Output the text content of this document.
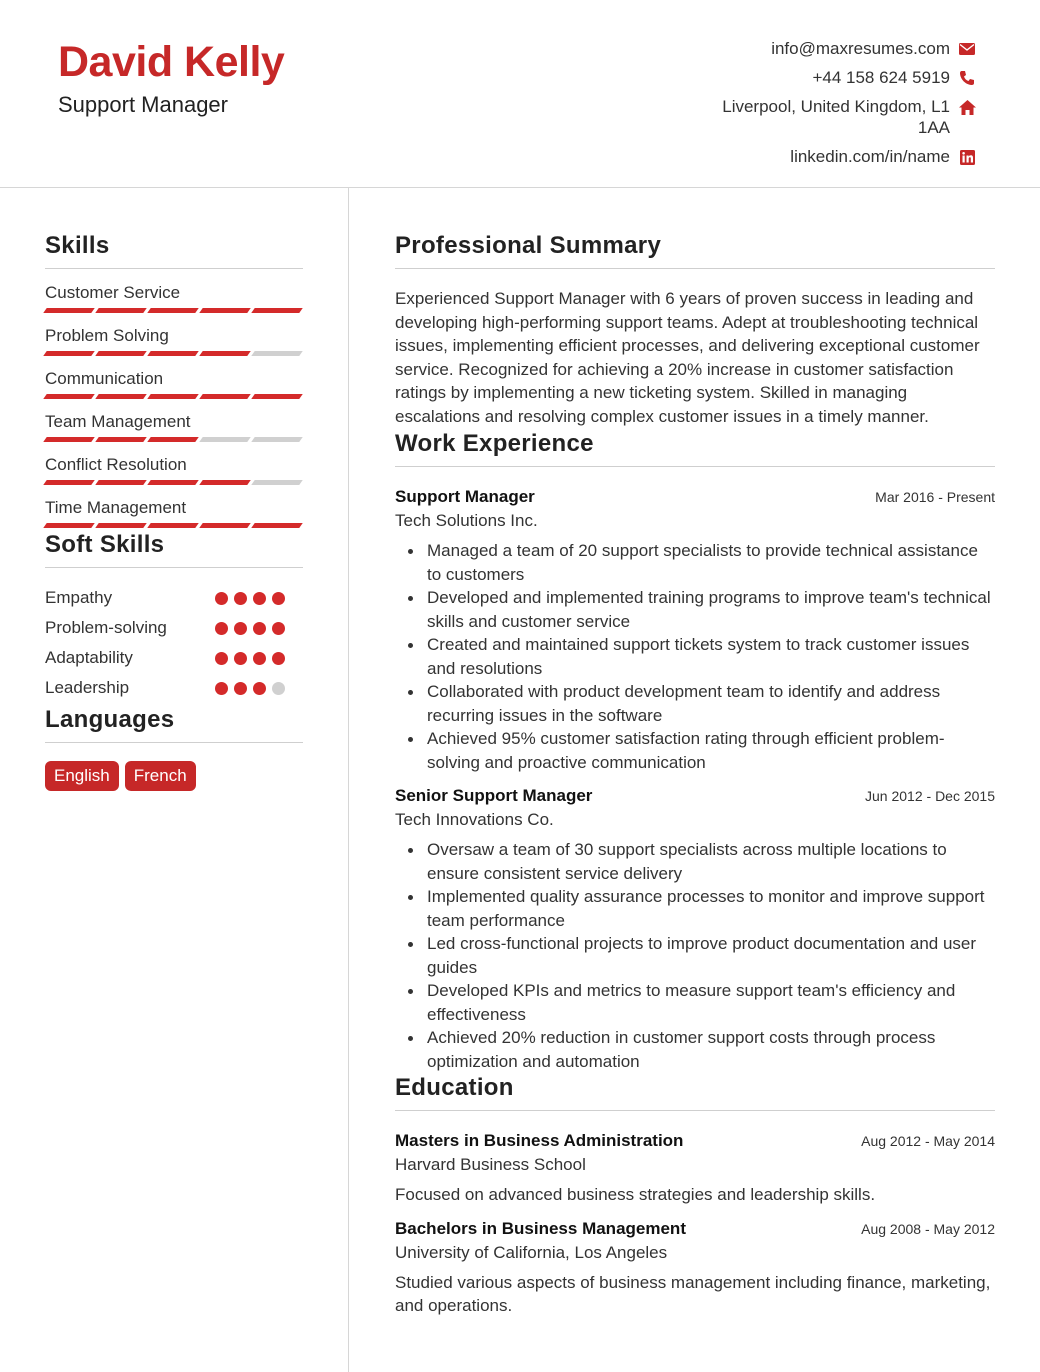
David Kelly
Support Manager
info@maxresumes.com
+44 158 624 5919
Liverpool, United Kingdom, L1 1AA
linkedin.com/in/name
Skills
Customer Service
Problem Solving
Communication
Team Management
Conflict Resolution
Time Management
Soft Skills
Empathy
Problem-solving
Adaptability
Leadership
Languages
English	French
Professional Summary
Experienced Support Manager with 6 years of proven success in leading and developing high-performing support teams. Adept at troubleshooting technical issues, implementing efficient processes, and delivering exceptional customer service. Recognized for achieving a 20% increase in customer satisfaction ratings by implementing a new ticketing system. Skilled in managing escalations and resolving complex customer issues in a timely manner.
Work Experience
Support Manager	Mar 2016 - Present
Tech Solutions Inc.
Managed a team of 20 support specialists to provide technical assistance to customers
Developed and implemented training programs to improve team's technical skills and customer service
Created and maintained support tickets system to track customer issues and resolutions
Collaborated with product development team to identify and address recurring issues in the software
Achieved 95% customer satisfaction rating through efficient problem-solving and proactive communication
Senior Support Manager	Jun 2012 - Dec 2015
Tech Innovations Co.
Oversaw a team of 30 support specialists across multiple locations to ensure consistent service delivery
Implemented quality assurance processes to monitor and improve support team performance
Led cross-functional projects to improve product documentation and user guides
Developed KPIs and metrics to measure support team's efficiency and effectiveness
Achieved 20% reduction in customer support costs through process optimization and automation
Education
Masters in Business Administration	Aug 2012 - May 2014
Harvard Business School
Focused on advanced business strategies and leadership skills.
Bachelors in Business Management	Aug 2008 - May 2012
University of California, Los Angeles
Studied various aspects of business management including finance, marketing, and operations.
